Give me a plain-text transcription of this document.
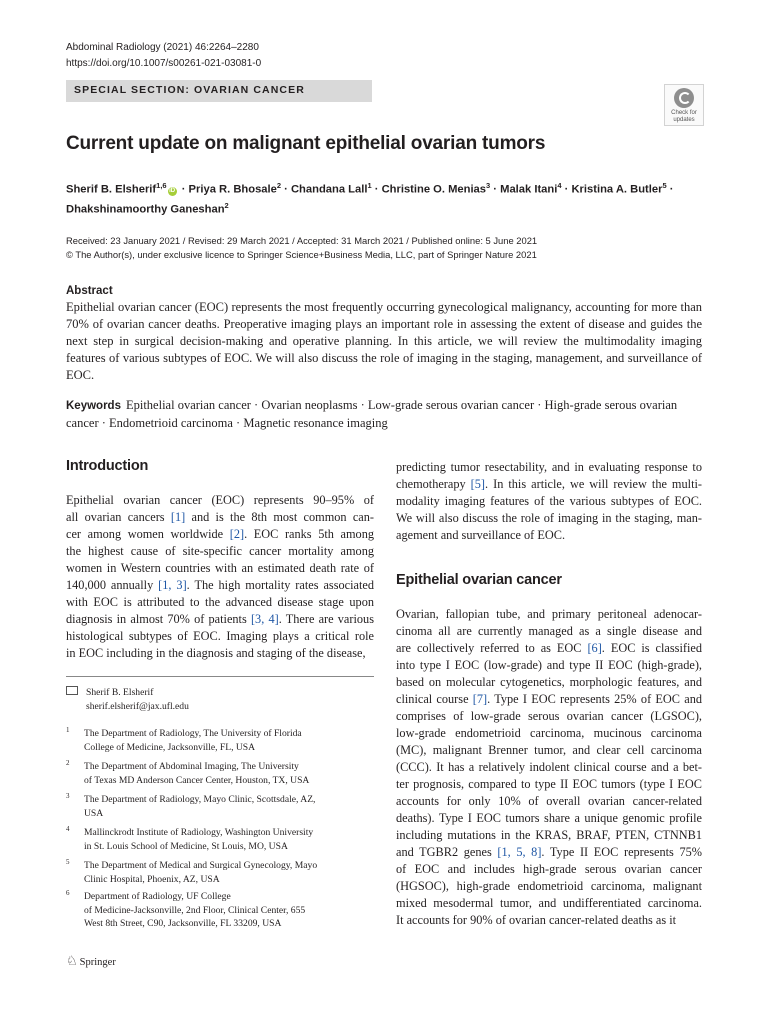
Abdominal Radiology (2021) 46:2264–2280
https://doi.org/10.1007/s00261-021-03081-0
SPECIAL SECTION: OVARIAN CANCER
Check for
updates
Current update on malignant epithelial ovarian tumors
Sherif B. Elsherif$^{1,6}$iD · Priya R. Bhosale$^2$ · Chandana Lall$^1$ · Christine O. Menias$^3$ · Malak Itani$^4$ · Kristina A. Butler$^5$ ·
Dhakshinamoorthy Ganeshan$^2$
Received: 23 January 2021 / Revised: 29 March 2021 / Accepted: 31 March 2021 / Published online: 5 June 2021
© The Author(s), under exclusive licence to Springer Science+Business Media, LLC, part of Springer Nature 2021
Abstract
Epithelial ovarian cancer (EOC) represents the most frequently occurring gynecological malignancy, accounting for more than 70% of ovarian cancer deaths. Preoperative imaging plays an important role in assessing the extent of disease and guides the next step in surgical decision-making and operative planning. In this article, we will review the multimodality imaging features of various subtypes of EOC. We will also discuss the role of imaging in the staging, management, and surveillance of EOC.
Keywords Epithelial ovarian cancer · Ovarian neoplasms · Low-grade serous ovarian cancer · High-grade serous ovarian cancer · Endometrioid carcinoma · Magnetic resonance imaging
Introduction
Epithelial ovarian cancer (EOC) represents 90–95% of
all ovarian cancers [1] and is the 8th most common can-
cer among women worldwide [2]. EOC ranks 5th among
the highest cause of site-specific cancer mortality among
women in Western countries with an estimated death rate of
140,000 annually [1, 3]. The high mortality rates associated
with EOC is attributed to the advanced disease stage upon
diagnosis in almost 70% of patients [3, 4]. There are various
histological subtypes of EOC. Imaging plays a critical role
in EOC including in the diagnosis and staging of the disease,
predicting tumor resectability, and in evaluating response to
chemotherapy [5]. In this article, we will review the multi-
modality imaging features of the various subtypes of EOC.
We will also discuss the role of imaging in the staging, man-
agement and surveillance of EOC.
Epithelial ovarian cancer
Ovarian, fallopian tube, and primary peritoneal adenocar-
cinoma all are currently managed as a single disease and
are collectively referred to as EOC [6]. EOC is classified
into type I EOC (low-grade) and type II EOC (high-grade),
based on molecular cytogenetics, morphologic features, and
clinical course [7]. Type I EOC represents 25% of EOC and
comprises of low-grade serous ovarian cancer (LGSOC),
low-grade endometrioid carcinoma, mucinous carcinoma
(MC), malignant Brenner tumor, and clear cell carcinoma
(CCC). It has a relatively indolent clinical course and a bet-
ter prognosis, compared to type II EOC tumors (type I EOC
accounts for only 10% of overall ovarian cancer-related
deaths). Type I EOC tumors share a unique genomic profile
including mutations in the KRAS, BRAF, PTEN, CTNNB1
and TGBR2 genes [1, 5, 8]. Type II EOC represents 75%
of EOC and includes high-grade serous ovarian cancer
(HGSOC), high-grade endometrioid carcinoma, malignant
mixed mesodermal tumor, and undifferentiated carcinoma.
It accounts for 90% of ovarian cancer-related deaths as it
Sherif B. Elsherif
sherif.elsherif@jax.ufl.edu
1 The Department of Radiology, The University of Florida
College of Medicine, Jacksonville, FL, USA
2 The Department of Abdominal Imaging, The University
of Texas MD Anderson Cancer Center, Houston, TX, USA
3 The Department of Radiology, Mayo Clinic, Scottsdale, AZ,
USA
4 Mallinckrodt Institute of Radiology, Washington University
in St. Louis School of Medicine, St Louis, MO, USA
5 The Department of Medical and Surgical Gynecology, Mayo
Clinic Hospital, Phoenix, AZ, USA
6 Department of Radiology, UF College
of Medicine-Jacksonville, 2nd Floor, Clinical Center, 655
West 8th Street, C90, Jacksonville, FL 33209, USA
♘ Springer
